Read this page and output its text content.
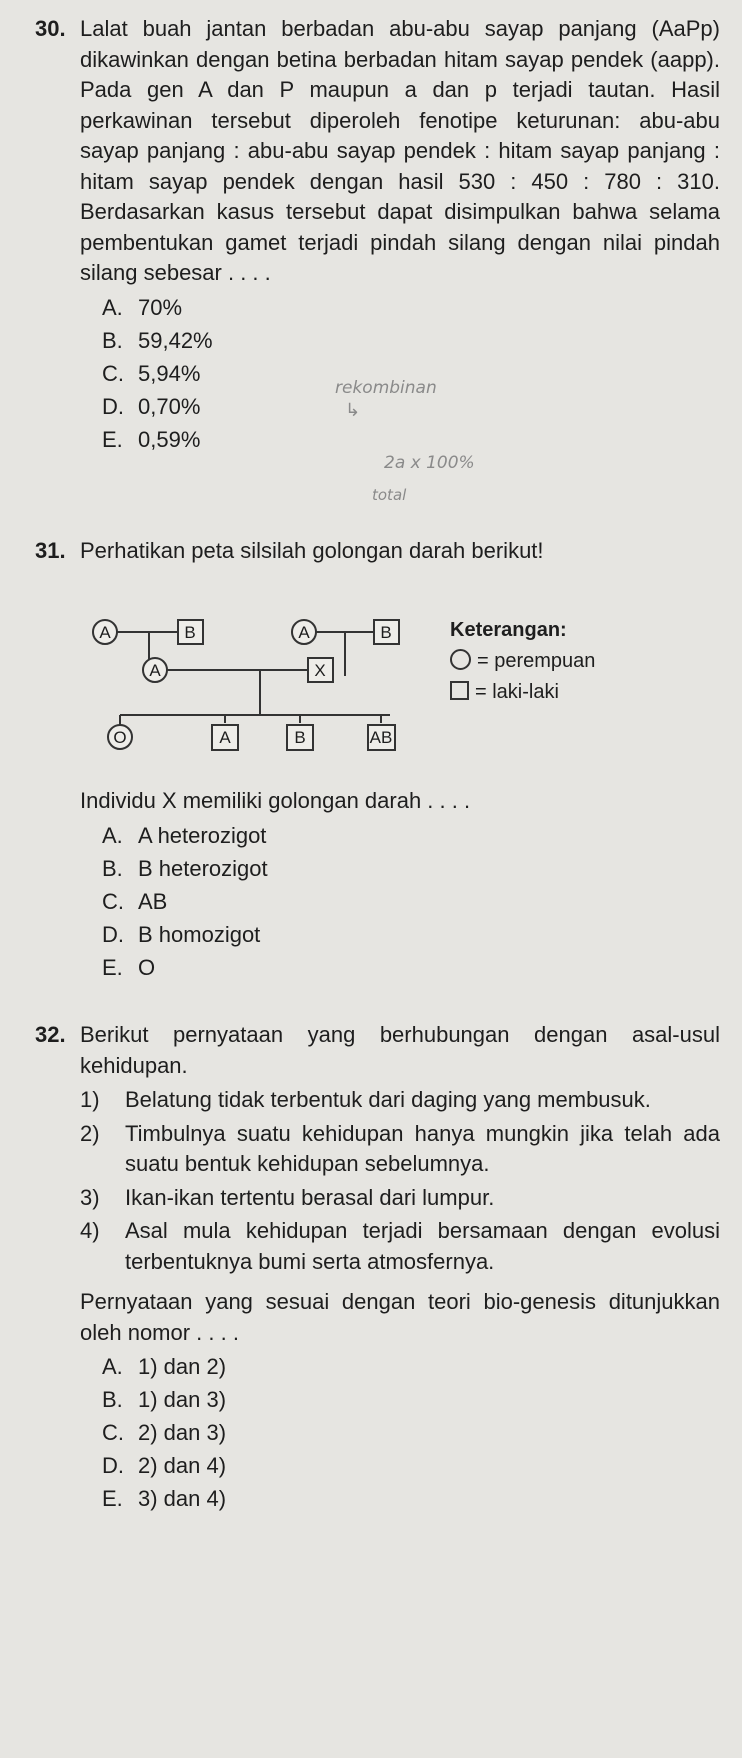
30. Lalat buah jantan berbadan abu-abu sayap panjang (AaPp) dikawinkan dengan betina berbadan hitam sayap pendek (aapp). Pada gen A dan P maupun a dan p terjadi tautan. Hasil perkawinan tersebut diperoleh fenotipe keturunan: abu-abu sayap panjang : abu-abu sayap pendek : hitam sayap panjang : hitam sayap pendek dengan hasil 530 : 450 : 780 : 310. Berdasarkan kasus tersebut dapat disimpulkan bahwa selama pembentukan gamet terjadi pindah silang dengan nilai pindah silang sebesar . . . .
A. 70%
B. 59,42%
C. 5,94%
D. 0,70%
E. 0,59%
rekombinan
↳
2a x 100%
total
31. Perhatikan peta silsilah golongan darah berikut!
A	B	A	B
A	X
O	A	B	AB
Keterangan:
= perempuan
= laki-laki
Individu X memiliki golongan darah . . . .
A. A heterozigot
B. B heterozigot
C. AB
D. B homozigot
E. O
32. Berikut pernyataan yang berhubungan dengan asal-usul kehidupan.
1) Belatung tidak terbentuk dari daging yang membusuk.
2) Timbulnya suatu kehidupan hanya mungkin jika telah ada suatu bentuk kehidupan sebelumnya.
3) Ikan-ikan tertentu berasal dari lumpur.
4) Asal mula kehidupan terjadi bersamaan dengan evolusi terbentuknya bumi serta atmosfernya.
Pernyataan yang sesuai dengan teori bio-genesis ditunjukkan oleh nomor . . . .
A. 1) dan 2)
B. 1) dan 3)
C. 2) dan 3)
D. 2) dan 4)
E. 3) dan 4)
